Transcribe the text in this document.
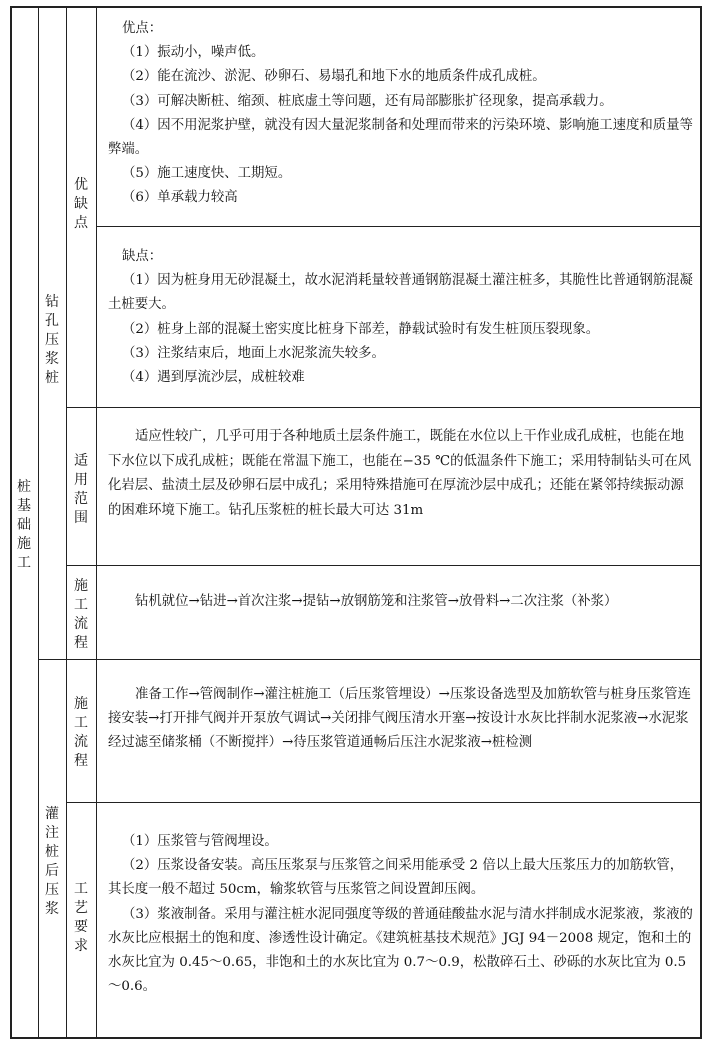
桩基础施工
钻孔压浆桩
灌注桩后压浆
优缺点
适用范围
施工流程
施工流程
工艺要求

优点：

（1）振动小，噪声低。

（2）能在流沙、淤泥、砂卵石、易塌孔和地下水的地质条件成孔成桩。

（3）可解决断桩、缩颈、桩底虚土等问题，还有局部膨胀扩径现象，提高承载力。

（4）因不用泥浆护壁，就没有因大量泥浆制备和处理而带来的污染环境、影响施工速度和质量等弊端。

（5）施工速度快、工期短。

（6）单承载力较高

缺点：

（1）因为桩身用无砂混凝土，故水泥消耗量较普通钢筋混凝土灌注桩多，其脆性比普通钢筋混凝土桩要大。

（2）桩身上部的混凝土密实度比桩身下部差，静载试验时有发生桩顶压裂现象。

（3）注浆结束后，地面上水泥浆流失较多。

（4）遇到厚流沙层，成桩较难

适应性较广，几乎可用于各种地质土层条件施工，既能在水位以上干作业成孔成桩，也能在地下水位以下成孔成桩；既能在常温下施工，也能在−35 ℃的低温条件下施工；采用特制钻头可在风化岩层、盐渍土层及砂卵石层中成孔；采用特殊措施可在厚流沙层中成孔；还能在紧邻持续振动源的困难环境下施工。钻孔压浆桩的桩长最大可达 31m

钻机就位→钻进→首次注浆→提钻→放钢筋笼和注浆管→放骨料→二次注浆（补浆）

准备工作→管阀制作→灌注桩施工（后压浆管埋设）→压浆设备选型及加筋软管与桩身压浆管连接安装→打开排气阀并开泵放气调试→关闭排气阀压清水开塞→按设计水灰比拌制水泥浆液→水泥浆经过滤至储浆桶（不断搅拌）→待压浆管道通畅后压注水泥浆液→桩检测

（1）压浆管与管阀埋设。

（2）压浆设备安装。高压压浆泵与压浆管之间采用能承受 2 倍以上最大压浆压力的加筋软管，其长度一般不超过 50cm，输浆软管与压浆管之间设置卸压阀。

（3）浆液制备。采用与灌注桩水泥同强度等级的普通硅酸盐水泥与清水拌制成水泥浆液，浆液的水灰比应根据土的饱和度、渗透性设计确定。《建筑桩基技术规范》JGJ 94－2008 规定，饱和土的水灰比宜为 0.45～0.65，非饱和土的水灰比宜为 0.7～0.9，松散碎石土、砂砾的水灰比宜为 0.5～0.6。
